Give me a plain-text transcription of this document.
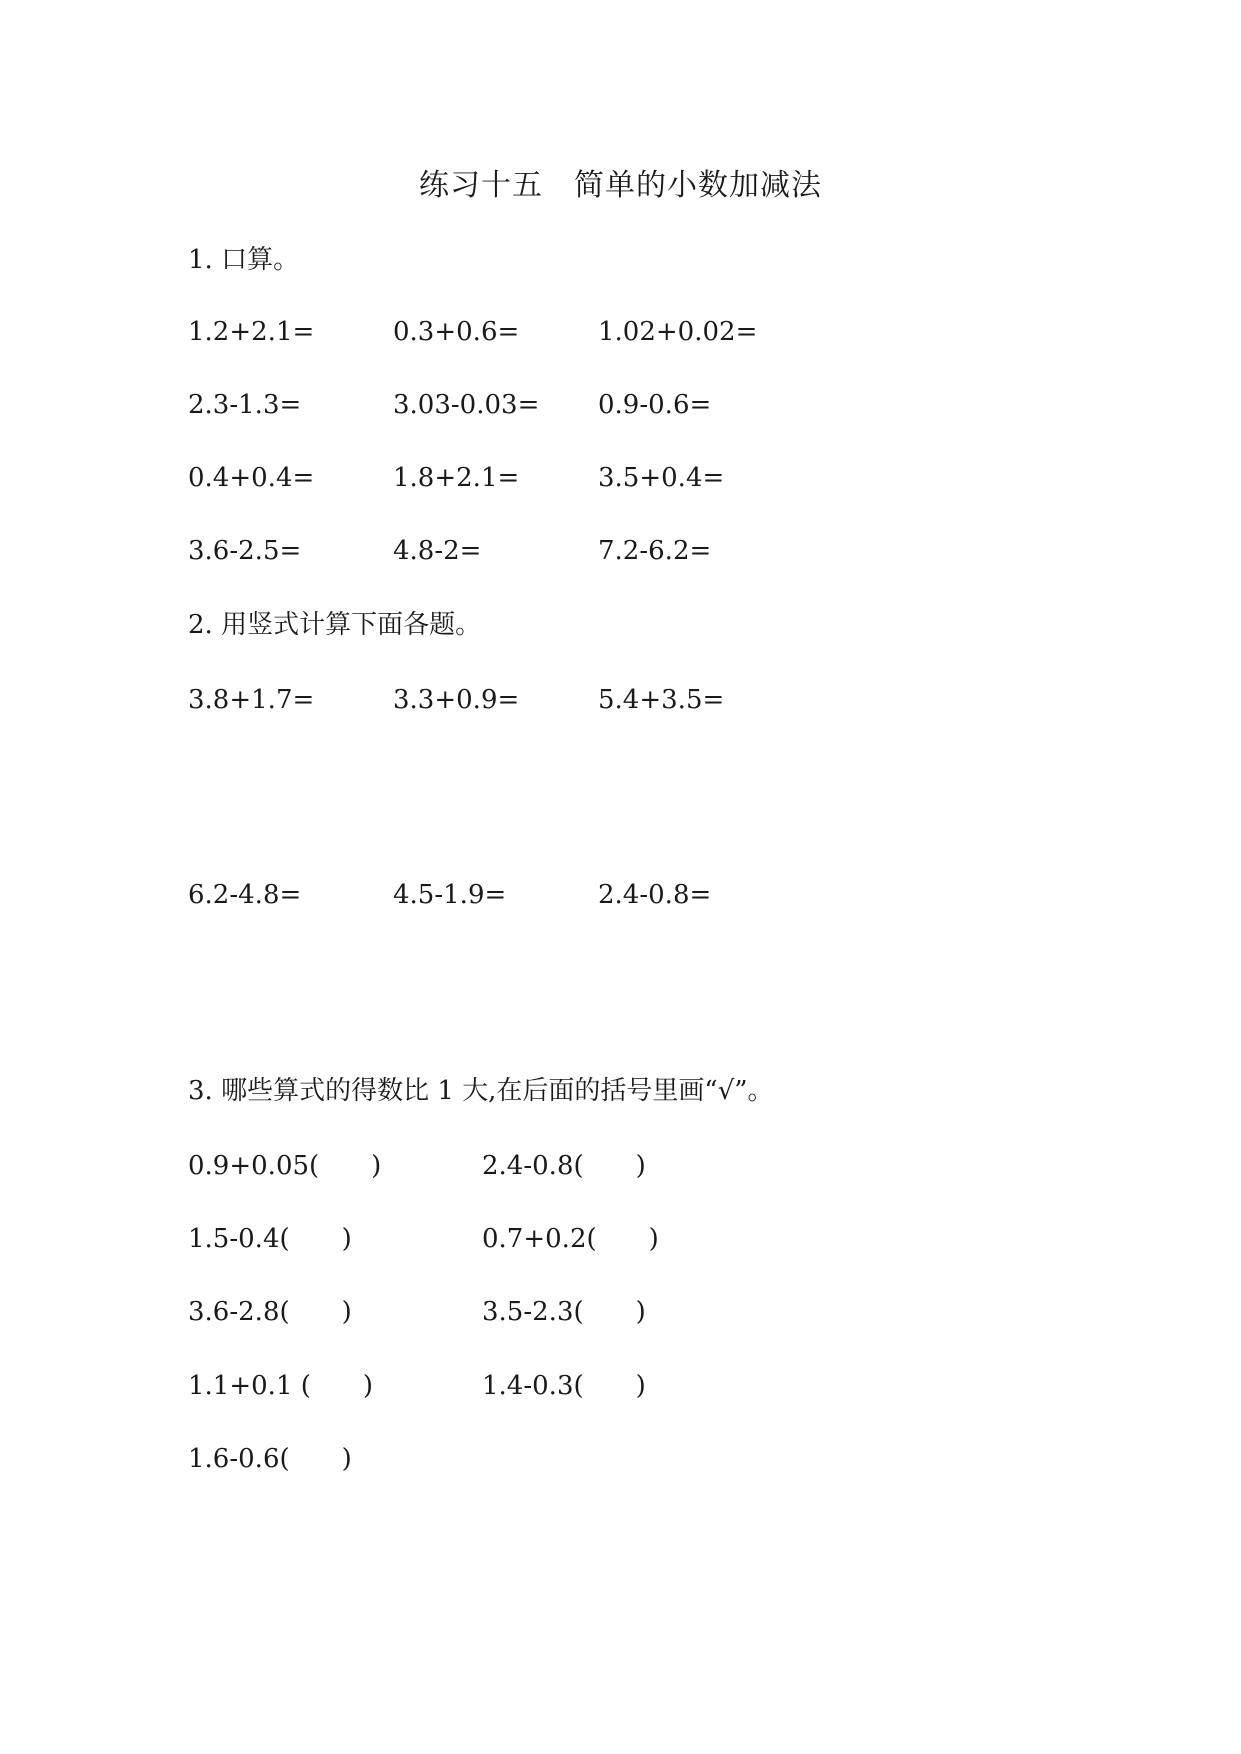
练习十五　简单的小数加减法
1. 口算。
1.2+2.1=	0.3+0.6=	1.02+0.02=
2.3-1.3=	3.03-0.03= 0.9-0.6=
0.4+0.4=	1.8+2.1=	3.5+0.4=
3.6-2.5=	4.8-2=	7.2-6.2=
2. 用竖式计算下面各题。
3.8+1.7=	3.3+0.9=	5.4+3.5=
6.2-4.8=	4.5-1.9=	2.4-0.8=
3. 哪些算式的得数比 1 大,在后面的括号里画“√”。
0.9+0.05(　　)	2.4-0.8(　　)
1.5-0.4(　　)	0.7+0.2(　　)
3.6-2.8(　　)	3.5-2.3(　　)
1.1+0.1 (　　)	1.4-0.3(　　)
1.6-0.6(　　)
